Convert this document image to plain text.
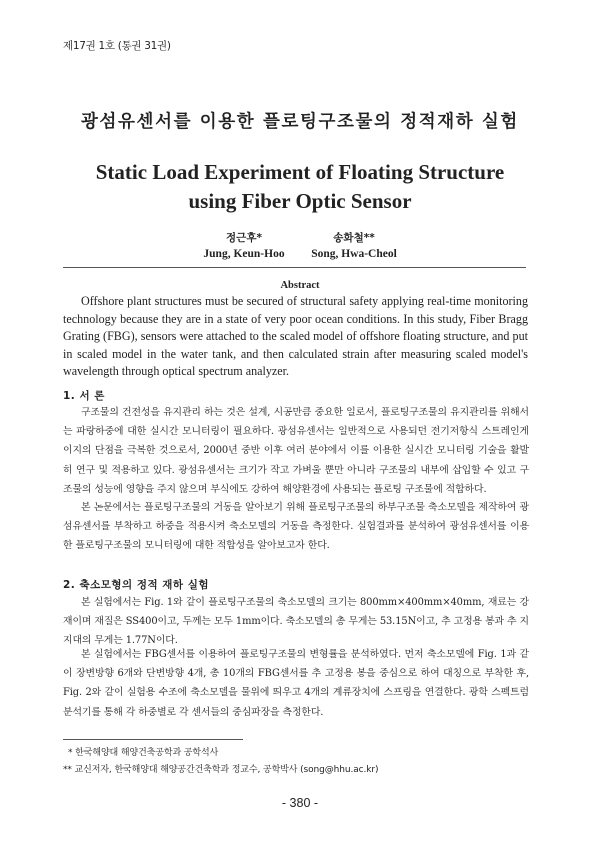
제17권 1호 (통권 31권)
광섬유센서를 이용한 플로팅구조물의 정적재하 실험
Static Load Experiment of Floating Structure
using Fiber Optic Sensor
정근후*
Jung, Keun-Hoo
송화철**
Song, Hwa-Cheol
Abstract
Offshore plant structures must be secured of structural safety applying real-time monitoring technology because they are in a state of very poor ocean conditions. In this study, Fiber Bragg Grating (FBG), sensors were attached to the scaled model of offshore floating structure, and put in scaled model in the water tank, and then calculated strain after measuring scaled model's wavelength through optical spectrum analyzer.
1. 서 론
구조물의 건전성을 유지관리 하는 것은 설계, 시공만큼 중요한 일로서, 플로팅구조물의 유지관리를 위해서는 파랑하중에 대한 실시간 모니터링이 필요하다. 광섬유센서는 일반적으로 사용되던 전기저항식 스트레인게이지의 단점을 극복한 것으로서, 2000년 중반 이후 여러 분야에서 이를 이용한 실시간 모니터링 기술을 활발히 연구 및 적용하고 있다. 광섬유센서는 크기가 작고 가벼울 뿐만 아니라 구조물의 내부에 삽입할 수 있고 구조물의 성능에 영향을 주지 않으며 부식에도 강하여 해양환경에 사용되는 플로팅 구조물에 적합하다.
본 논문에서는 플로팅구조물의 거동을 알아보기 위해 플로팅구조물의 하부구조물 축소모델을 제작하여 광섬유센서를 부착하고 하중을 적용시켜 축소모델의 거동을 측정한다. 실험결과를 분석하여 광섬유센서를 이용한 플로팅구조물의 모니터링에 대한 적합성을 알아보고자 한다.
2. 축소모형의 정적 재하 실험
본 실험에서는 Fig. 1와 같이 플로팅구조물의 축소모델의 크기는 800mm×400mm×40mm, 재료는 강재이며 재질은 SS400이고, 두께는 모두 1mm이다. 축소모델의 총 무게는 53.15N이고, 추 고정용 봉과 추 지지대의 무게는 1.77N이다.
본 실험에서는 FBG센서를 이용하여 플로팅구조물의 변형률을 분석하였다. 먼저 축소모델에 Fig. 1과 같이 장변방향 6개와 단변방향 4개, 총 10개의 FBG센서를 추 고정용 봉을 중심으로 하여 대칭으로 부착한 후, Fig. 2와 같이 실험용 수조에 축소모델을 물위에 띄우고 4개의 계류장치에 스프링을 연결한다. 광학 스펙트럼 분석기를 통해 각 하중별로 각 센서들의 중심파장을 측정한다.
* 한국해양대 해양건축공학과 공학석사
** 교신저자, 한국해양대 해양공간건축학과 정교수, 공학박사 (song@hhu.ac.kr)
- 380 -
